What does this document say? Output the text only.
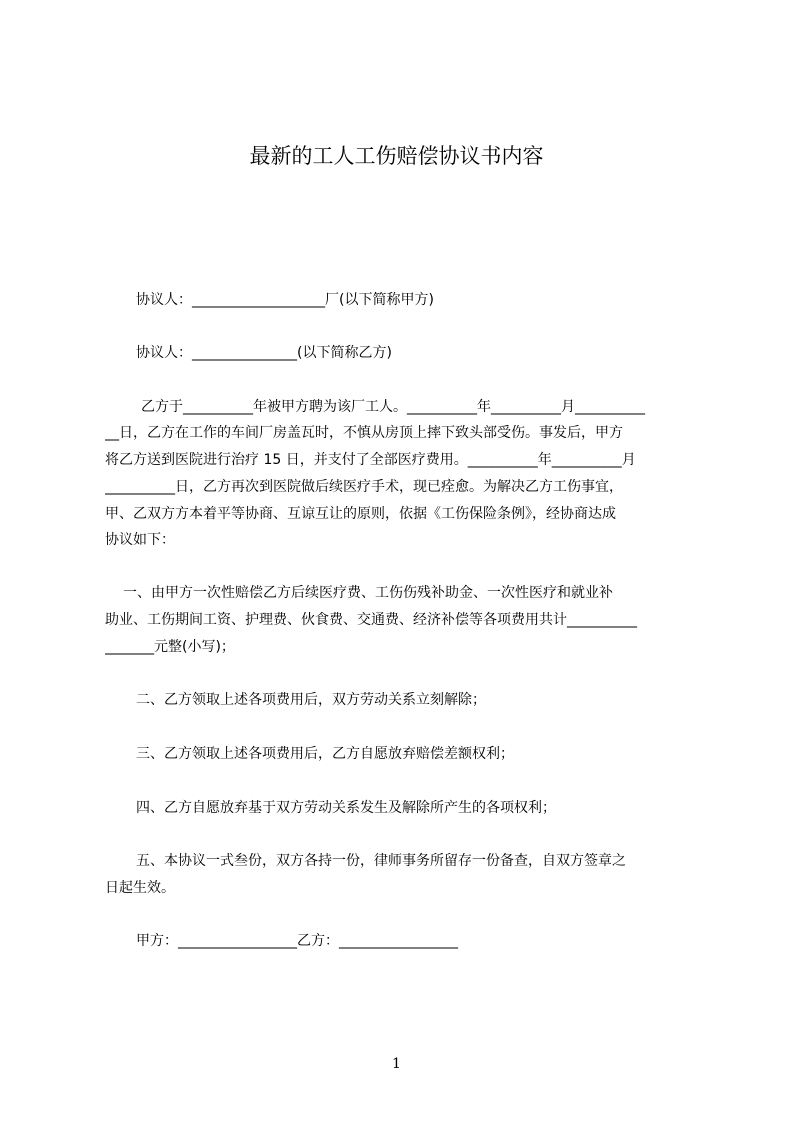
最新的工人工伤赔偿协议书内容
协议人：___________________厂(以下简称甲方)
协议人：_______________(以下简称乙方)
乙方于__________年被甲方聘为该厂工人。__________年__________月__________
__日，乙方在工作的车间厂房盖瓦时，不慎从房顶上摔下致头部受伤。事发后，甲方
将乙方送到医院进行治疗 15 日，并支付了全部医疗费用。__________年__________月
__________日，乙方再次到医院做后续医疗手术，现已痊愈。为解决乙方工伤事宜，
甲、乙双方方本着平等协商、互谅互让的原则，依据《工伤保险条例》，经协商达成
协议如下：
一、由甲方一次性赔偿乙方后续医疗费、工伤伤残补助金、一次性医疗和就业补
助业、工伤期间工资、护理费、伙食费、交通费、经济补偿等各项费用共计__________
_______元整(小写)；
二、乙方领取上述各项费用后，双方劳动关系立刻解除；
三、乙方领取上述各项费用后，乙方自愿放弃赔偿差额权利；
四、乙方自愿放弃基于双方劳动关系发生及解除所产生的各项权利；
五、本协议一式叁份，双方各持一份，律师事务所留存一份备查，自双方签章之
日起生效。
甲方：_________________乙方：_________________
1
